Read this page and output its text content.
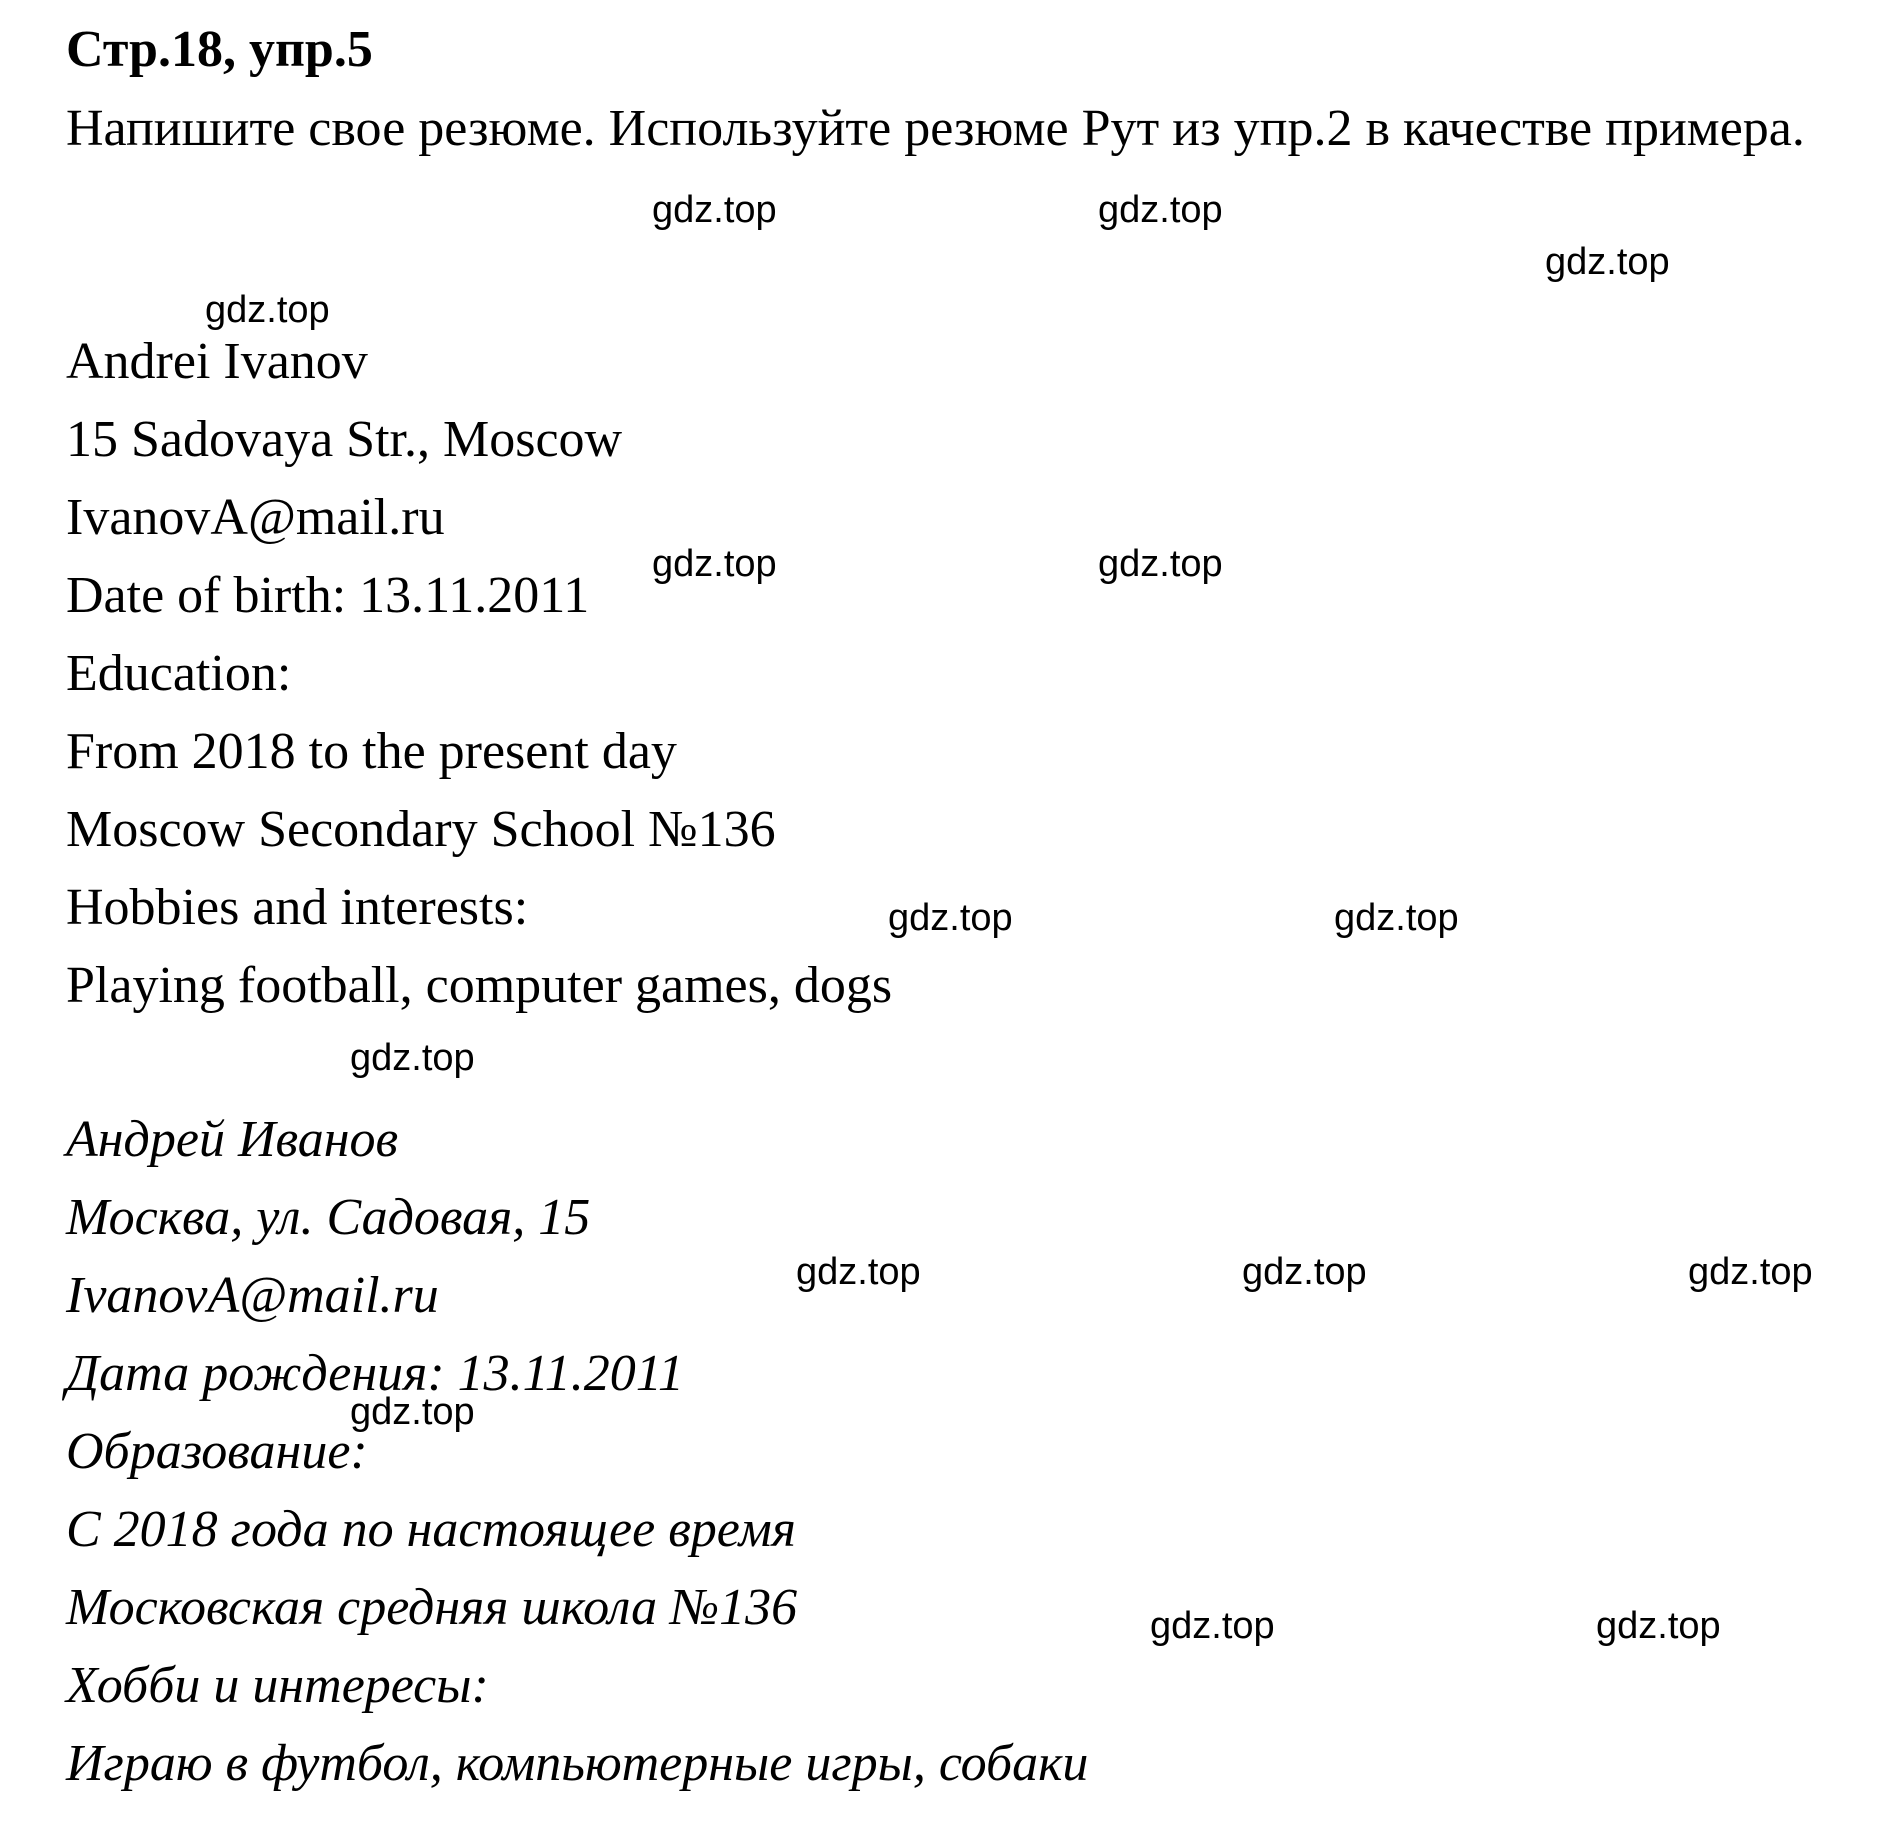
Стр.18, упр.5
Напишите свое резюме. Используйте резюме Рут из упр.2 в качестве примера.
Andrei Ivanov
15 Sadovaya Str., Moscow
IvanovA@mail.ru
Date of birth: 13.11.2011
Education:
From 2018 to the present day
Moscow Secondary School №136
Hobbies and interests:
Playing football, computer games, dogs
Андрей Иванов
Москва, ул. Садовая, 15
IvanovA@mail.ru
Дата рождения: 13.11.2011
Образование:
С 2018 года по настоящее время
Московская средняя школа №136
Хобби и интересы:
Играю в футбол, компьютерные игры, собаки
gdz.top	gdz.top
gdz.top
gdz.top
gdz.top	gdz.top
gdz.top	gdz.top
gdz.top
gdz.top	gdz.top	gdz.top
gdz.top
gdz.top	gdz.top
